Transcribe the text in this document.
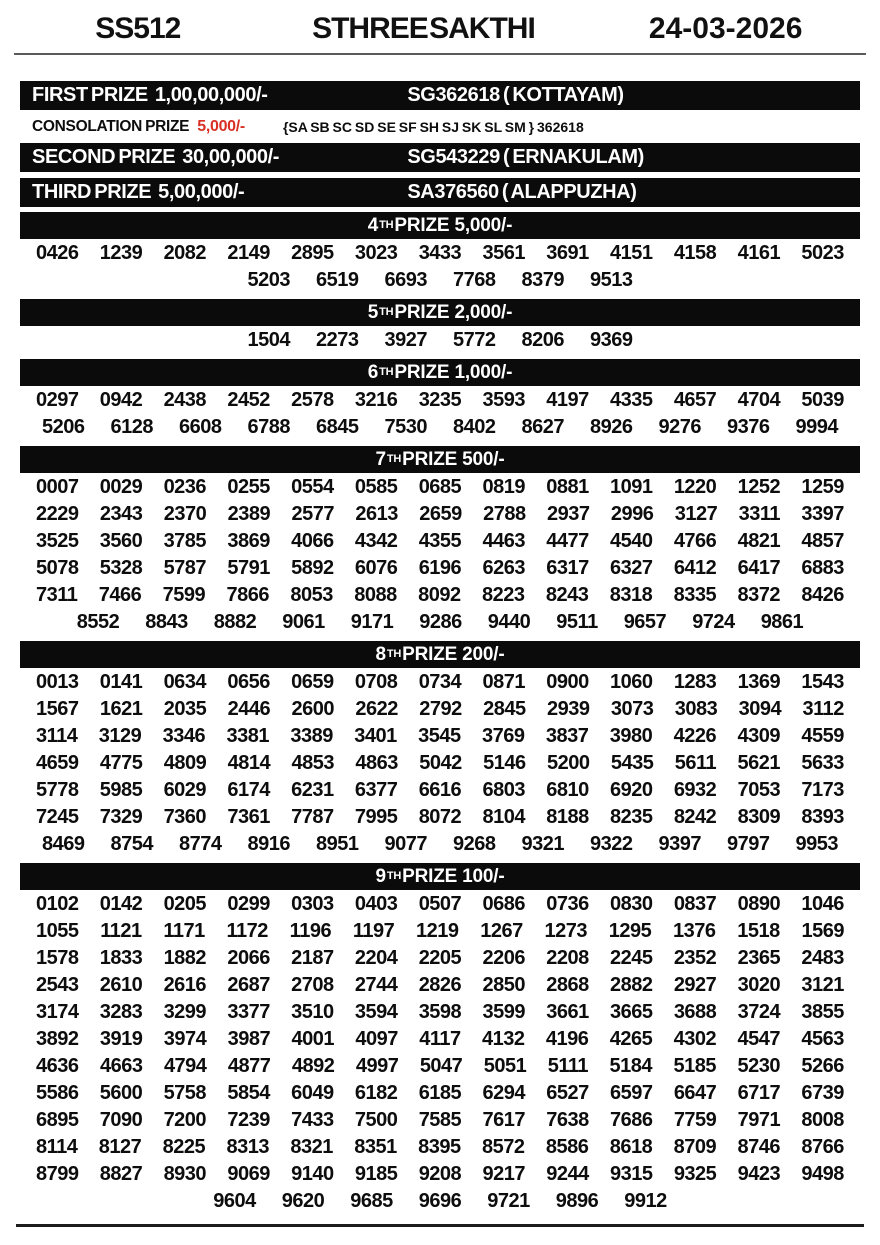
SS512	STHREE SAKTHI	24-03-2026
FIRST PRIZE 1,00,00,000/-	SG362618 ( KOTTAYAM)
CONSOLATION PRIZE 5,000/-	{SA SB SC SD SE SF SH SJ SK SL SM } 362618
SECOND PRIZE 30,00,000/-	SG543229 ( ERNAKULAM)
THIRD PRIZE 5,00,000/-	SA376560 ( ALAPPUZHA)
4TH PRIZE 5,000/-
0426 1239 2082 2149 2895 3023 3433 3561 3691 4151 4158 4161 5023
5203 6519 6693 7768 8379 9513
5TH PRIZE 2,000/-
1504 2273 3927 5772 8206 9369
6TH PRIZE 1,000/-
0297 0942 2438 2452 2578 3216 3235 3593 4197 4335 4657 4704 5039
5206 6128 6608 6788 6845 7530 8402 8627 8926 9276 9376 9994
7TH PRIZE 500/-
0007 0029 0236 0255 0554 0585 0685 0819 0881 1091 1220 1252 1259
2229 2343 2370 2389 2577 2613 2659 2788 2937 2996 3127 3311 3397
3525 3560 3785 3869 4066 4342 4355 4463 4477 4540 4766 4821 4857
5078 5328 5787 5791 5892 6076 6196 6263 6317 6327 6412 6417 6883
7311 7466 7599 7866 8053 8088 8092 8223 8243 8318 8335 8372 8426
8552 8843 8882 9061 9171 9286 9440 9511 9657 9724 9861
8TH PRIZE 200/-
0013 0141 0634 0656 0659 0708 0734 0871 0900 1060 1283 1369 1543
1567 1621 2035 2446 2600 2622 2792 2845 2939 3073 3083 3094 3112
3114 3129 3346 3381 3389 3401 3545 3769 3837 3980 4226 4309 4559
4659 4775 4809 4814 4853 4863 5042 5146 5200 5435 5611 5621 5633
5778 5985 6029 6174 6231 6377 6616 6803 6810 6920 6932 7053 7173
7245 7329 7360 7361 7787 7995 8072 8104 8188 8235 8242 8309 8393
8469 8754 8774 8916 8951 9077 9268 9321 9322 9397 9797 9953
9TH PRIZE 100/-
0102 0142 0205 0299 0303 0403 0507 0686 0736 0830 0837 0890 1046
1055 1121 1171 1172 1196 1197 1219 1267 1273 1295 1376 1518 1569
1578 1833 1882 2066 2187 2204 2205 2206 2208 2245 2352 2365 2483
2543 2610 2616 2687 2708 2744 2826 2850 2868 2882 2927 3020 3121
3174 3283 3299 3377 3510 3594 3598 3599 3661 3665 3688 3724 3855
3892 3919 3974 3987 4001 4097 4117 4132 4196 4265 4302 4547 4563
4636 4663 4794 4877 4892 4997 5047 5051 5111 5184 5185 5230 5266
5586 5600 5758 5854 6049 6182 6185 6294 6527 6597 6647 6717 6739
6895 7090 7200 7239 7433 7500 7585 7617 7638 7686 7759 7971 8008
8114 8127 8225 8313 8321 8351 8395 8572 8586 8618 8709 8746 8766
8799 8827 8930 9069 9140 9185 9208 9217 9244 9315 9325 9423 9498
9604 9620 9685 9696 9721 9896 9912
